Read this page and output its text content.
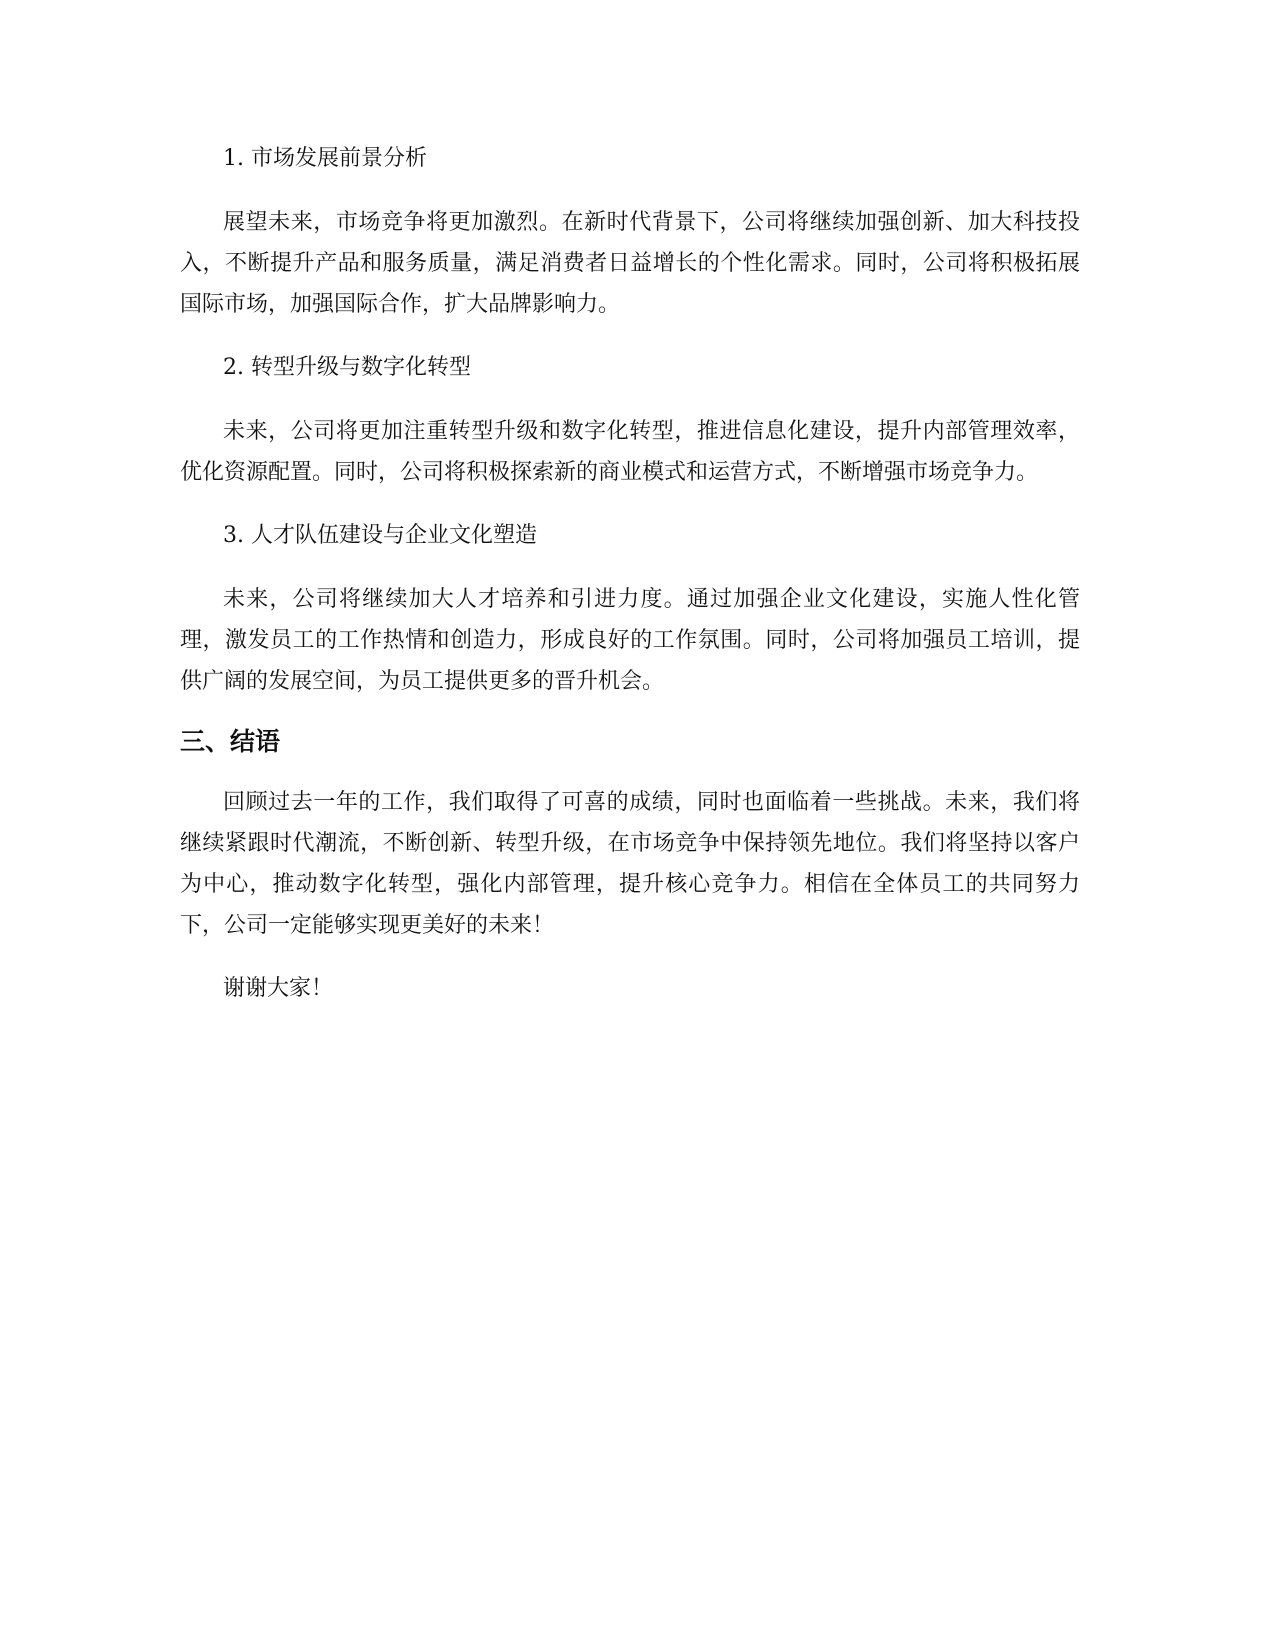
1. 市场发展前景分析

展望未来，市场竞争将更加激烈。在新时代背景下，公司将继续加强创新、加大科技投入，不断提升产品和服务质量，满足消费者日益增长的个性化需求。同时，公司将积极拓展国际市场，加强国际合作，扩大品牌影响力。

2. 转型升级与数字化转型

未来，公司将更加注重转型升级和数字化转型，推进信息化建设，提升内部管理效率，优化资源配置。同时，公司将积极探索新的商业模式和运营方式，不断增强市场竞争力。

3. 人才队伍建设与企业文化塑造

未来，公司将继续加大人才培养和引进力度。通过加强企业文化建设，实施人性化管理，激发员工的工作热情和创造力，形成良好的工作氛围。同时，公司将加强员工培训，提供广阔的发展空间，为员工提供更多的晋升机会。

三、结语

回顾过去一年的工作，我们取得了可喜的成绩，同时也面临着一些挑战。未来，我们将继续紧跟时代潮流，不断创新、转型升级，在市场竞争中保持领先地位。我们将坚持以客户为中心，推动数字化转型，强化内部管理，提升核心竞争力。相信在全体员工的共同努力下，公司一定能够实现更美好的未来！

谢谢大家！
